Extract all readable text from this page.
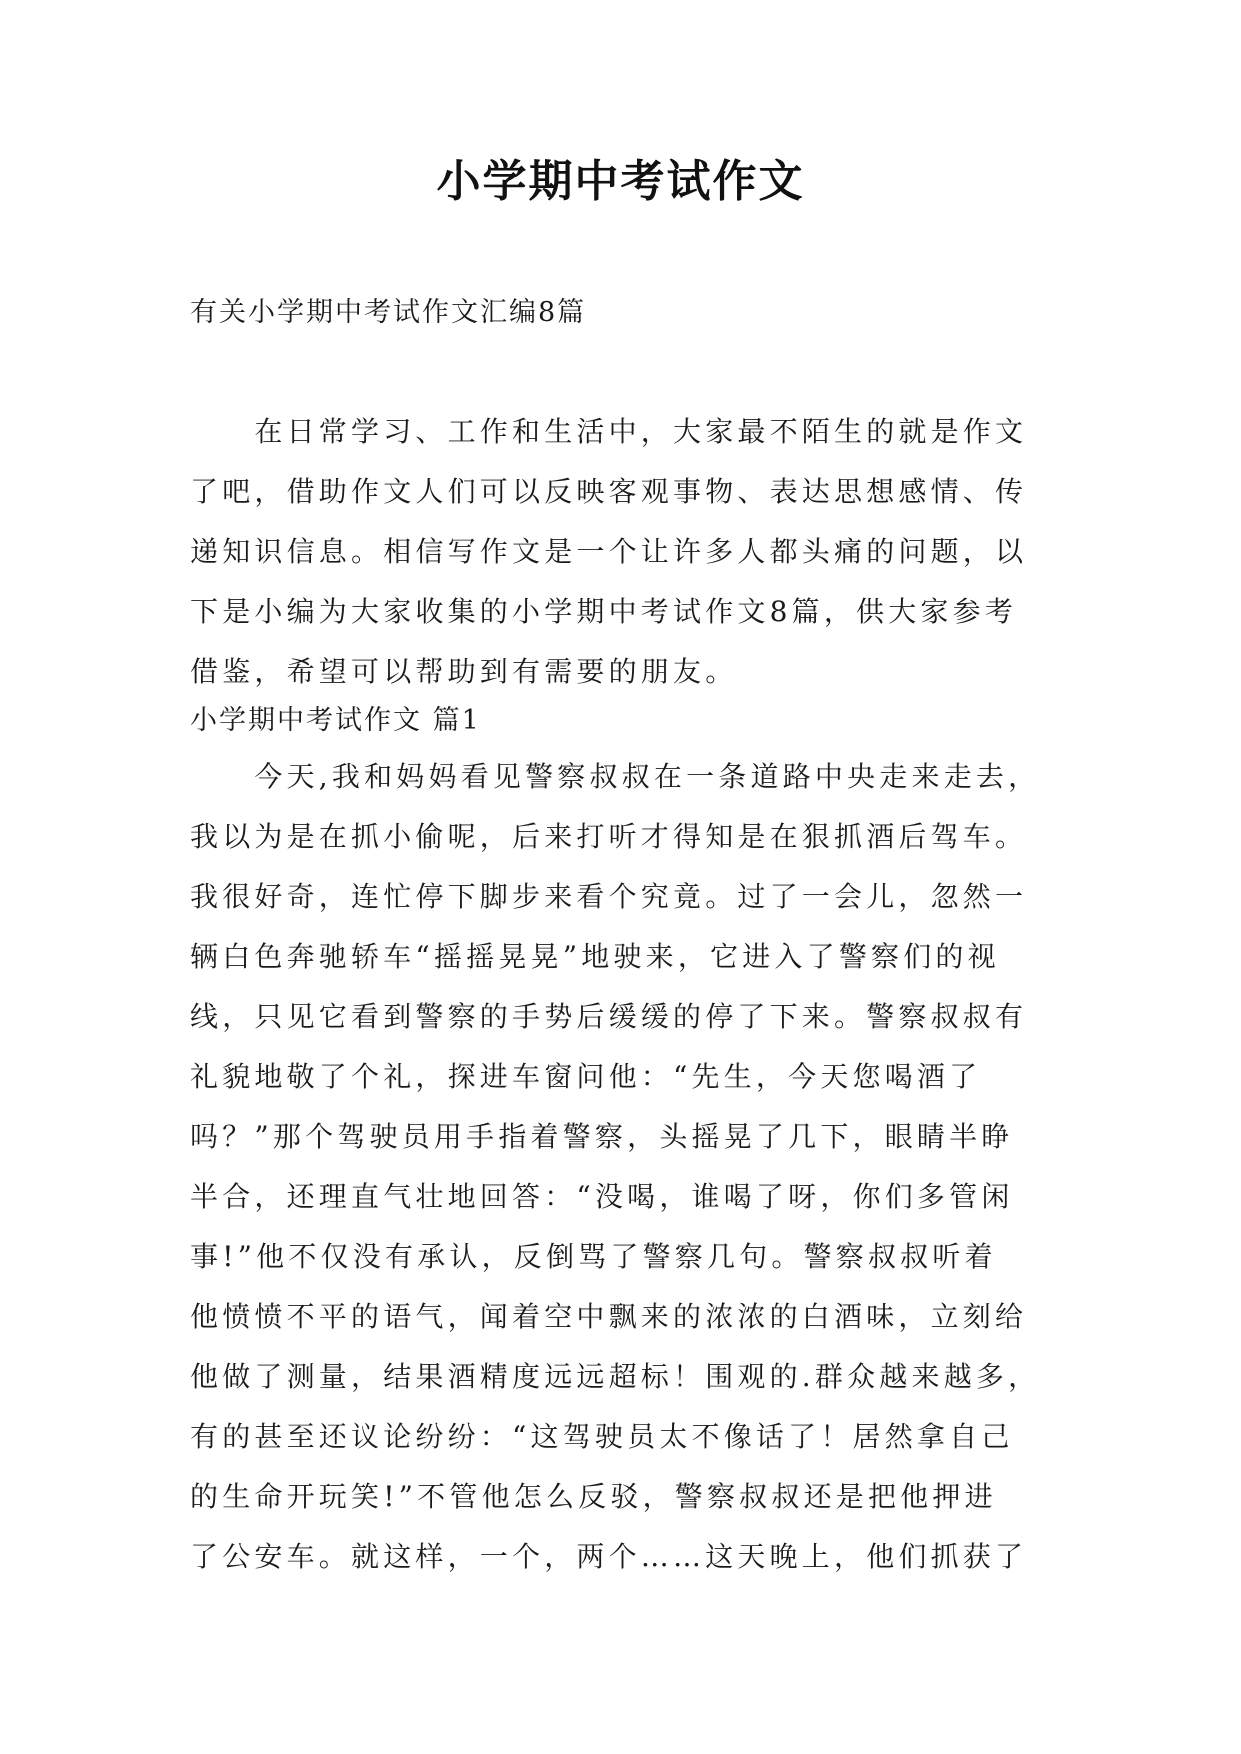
小学期中考试作文
有关小学期中考试作文汇编8篇
　　在日常学习、工作和生活中，大家最不陌生的就是作文
了吧，借助作文人们可以反映客观事物、表达思想感情、传
递知识信息。相信写作文是一个让许多人都头痛的问题，以
下是小编为大家收集的小学期中考试作文8篇，供大家参考
借鉴，希望可以帮助到有需要的朋友。
小学期中考试作文 篇1
　　今天,我和妈妈看见警察叔叔在一条道路中央走来走去，
我以为是在抓小偷呢，后来打听才得知是在狠抓酒后驾车。
我很好奇，连忙停下脚步来看个究竟。过了一会儿，忽然一
辆白色奔驰轿车“摇摇晃晃”地驶来，它进入了警察们的视
线，只见它看到警察的手势后缓缓的停了下来。警察叔叔有
礼貌地敬了个礼，探进车窗问他：“先生，今天您喝酒了
吗？”那个驾驶员用手指着警察，头摇晃了几下，眼睛半睁
半合，还理直气壮地回答：“没喝，谁喝了呀，你们多管闲
事!”他不仅没有承认，反倒骂了警察几句。警察叔叔听着
他愤愤不平的语气，闻着空中飘来的浓浓的白酒味，立刻给
他做了测量，结果酒精度远远超标！围观的.群众越来越多，
有的甚至还议论纷纷：“这驾驶员太不像话了！居然拿自己
的生命开玩笑!”不管他怎么反驳，警察叔叔还是把他押进
了公安车。就这样，一个，两个……这天晚上，他们抓获了
